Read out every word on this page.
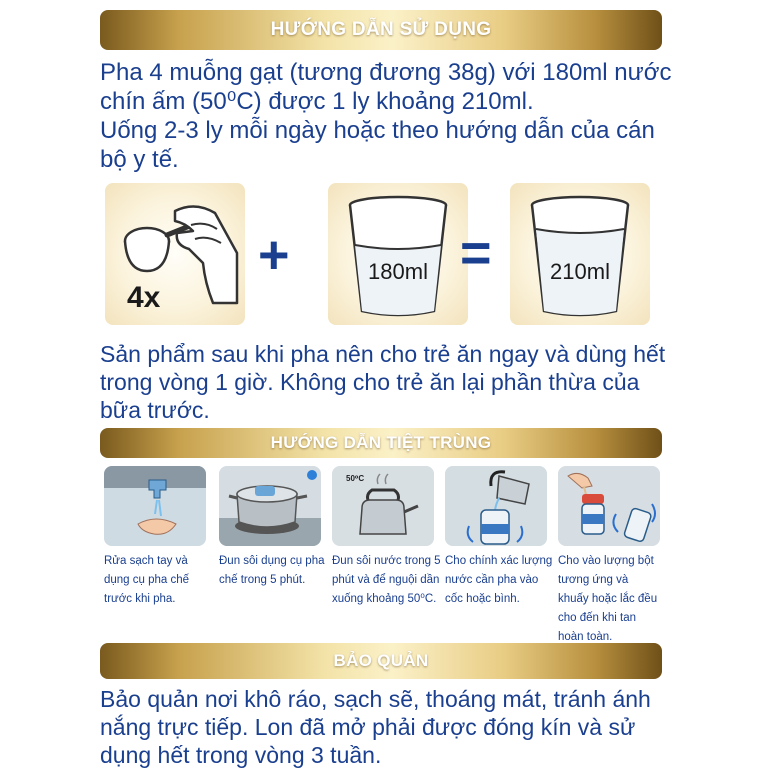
HƯỚNG DẪN SỬ DỤNG

Pha 4 muỗng gạt (tương đương 38g) với 180ml nước chín ấm (50⁰C) được 1 ly khoảng 210ml.
Uống 2-3 ly mỗi ngày hoặc theo hướng dẫn của cán bộ y tế.

4x
+	180ml =	210ml

Sản phẩm sau khi pha nên cho trẻ ăn ngay và dùng hết trong vòng 1 giờ. Không cho trẻ ăn lại phần thừa của bữa trước.

HƯỚNG DẪN TIỆT TRÙNG
50⁰C

Rửa sạch tay và dụng cụ pha chế trước khi pha.

Đun sôi dụng cụ pha chế trong 5 phút.

Đun sôi nước trong 5 phút và để nguội dần xuống khoảng 50⁰C.

Cho chính xác lượng nước cần pha vào cốc hoặc bình.

Cho vào lượng bột tương ứng và khuấy hoặc lắc đều cho đến khi tan hoàn toàn.

BẢO QUẢN

Bảo quản nơi khô ráo, sạch sẽ, thoáng mát, tránh ánh nắng trực tiếp. Lon đã mở phải được đóng kín và sử dụng hết trong vòng 3 tuần.
